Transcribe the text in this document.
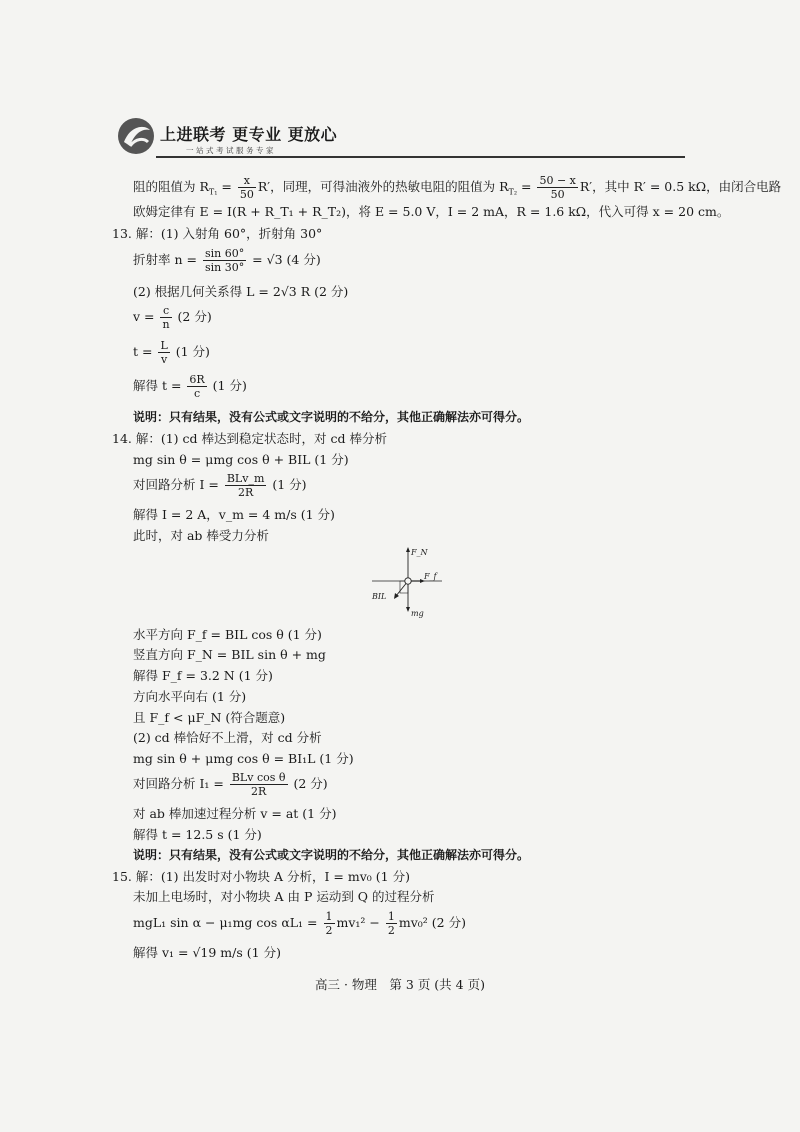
上进联考 更专业 更放心
一站式考试服务专家
阻的阻值为 $R_{T_1} = \frac{x}{50} R'$，同理，可得油液外的热敏电阻的阻值为 $R_{T_2} = \frac{50 - x}{50} R'$，其中 R′ = 0.5 kΩ，由闭合电路
欧姆定律有 E = I(R + R_T₁ + R_T₂)，将 E = 5.0 V，I = 2 mA，R = 1.6 kΩ，代入可得 x = 20 cm。
13. 解：(1) 入射角 60°，折射角 30°
折射率 $n = \frac{\sin 60^\circ}{\sin 30^\circ} = √3$ (4 分)
(2) 根据几何关系得 L = 2√3 R (2 分)
$v = \frac{c}{n} (2$ 分)
$t = \frac{L}{v} (1$ 分)
解得 $t = \frac{6R}{c} (1$ 分)
说明：只有结果，没有公式或文字说明的不给分，其他正确解法亦可得分。
14. 解：(1) cd 棒达到稳定状态时，对 cd 棒分析
mg sin θ = μmg cos θ + BIL (1 分)
对回路分析 $I = \frac{\text{BLv\_m}}{2R} (1$ 分)
解得 I = 2 A，v_m = 4 m/s (1 分)
此时，对 ab 棒受力分析
F_N
F_f
BIL
mg
水平方向 F_f = BIL cos θ (1 分)
竖直方向 F_N = BIL sin θ + mg
解得 F_f = 3.2 N (1 分)
方向水平向右 (1 分)
且 F_f < μF_N (符合题意)
(2) cd 棒恰好不上滑，对 cd 分析
mg sin θ + μmg cos θ = BI₁L (1 分)
对回路分析 $I_1 = \frac{\text{BLv cos θ}}{2R} (2$ 分)
对 ab 棒加速过程分析 v = at (1 分)
解得 t = 12.5 s (1 分)
说明：只有结果，没有公式或文字说明的不给分，其他正确解法亦可得分。
15. 解：(1) 出发时对小物块 A 分析，I = mv₀ (1 分)
未加上电场时，对小物块 A 由 P 运动到 Q 的过程分析
mgL₁ sin α − μ₁mg $\cos \alpha L_1 = \frac{1}{2} mv_1^2 - \frac{1}{2} mv_0^2$ (2 分)
解得 v₁ = √19 m/s (1 分)
高三 · 物理　第 3 页 (共 4 页)
